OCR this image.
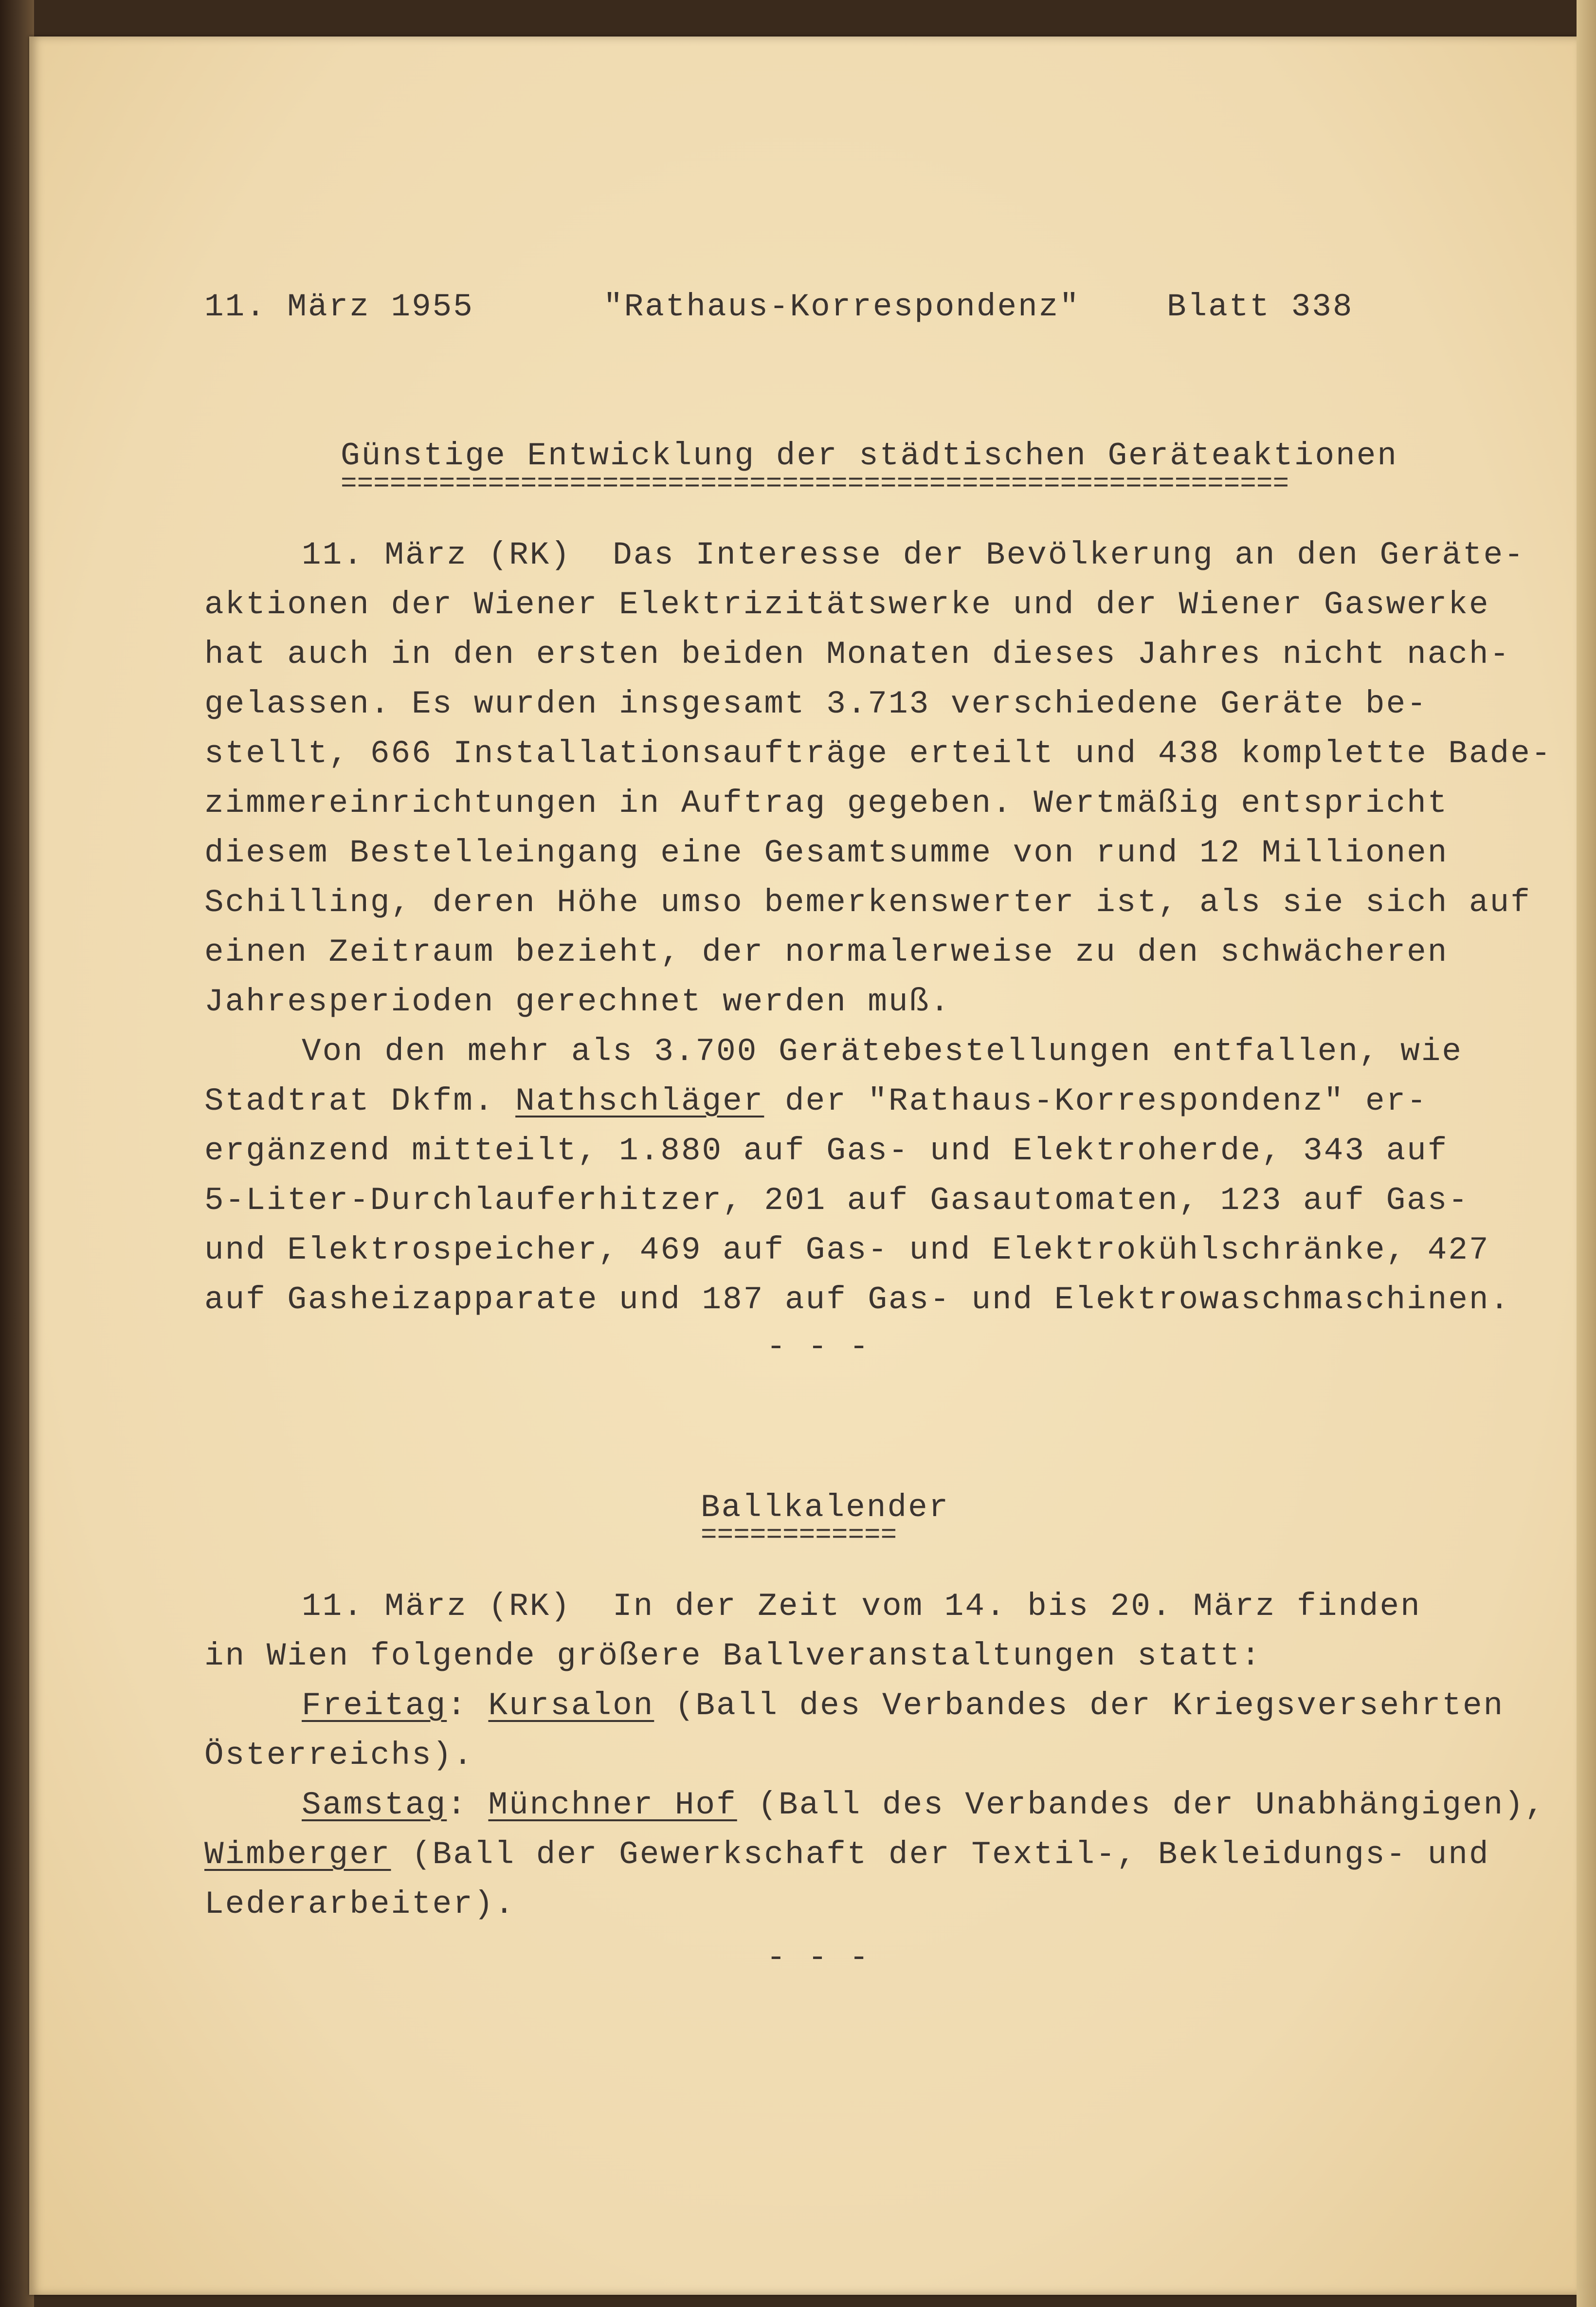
11. März 1955	"Rathaus-Korrespondenz"	Blatt 338
Günstige Entwicklung der städtischen Geräteaktionen
==========================================================
11. März (RK)  Das Interesse der Bevölkerung an den Geräte-
aktionen der Wiener Elektrizitätswerke und der Wiener Gaswerke
hat auch in den ersten beiden Monaten dieses Jahres nicht nach-
gelassen. Es wurden insgesamt 3.713 verschiedene Geräte be-
stellt, 666 Installationsaufträge erteilt und 438 komplette Bade-
zimmereinrichtungen in Auftrag gegeben. Wertmäßig entspricht
diesem Bestelleingang eine Gesamtsumme von rund 12 Millionen
Schilling, deren Höhe umso bemerkenswerter ist, als sie sich auf
einen Zeitraum bezieht, der normalerweise zu den schwächeren
Jahresperioden gerechnet werden muß.
Von den mehr als 3.700 Gerätebestellungen entfallen, wie
Stadtrat Dkfm. Nathschläger der "Rathaus-Korrespondenz" er-
ergänzend mitteilt, 1.880 auf Gas- und Elektroherde, 343 auf
5-Liter-Durchlauferhitzer, 201 auf Gasautomaten, 123 auf Gas-
und Elektrospeicher, 469 auf Gas- und Elektrokühlschränke, 427
auf Gasheizapparate und 187 auf Gas- und Elektrowaschmaschinen.
- - -
Ballkalender
============
11. März (RK)  In der Zeit vom 14. bis 20. März finden
in Wien folgende größere Ballveranstaltungen statt:
Freitag: Kursalon (Ball des Verbandes der Kriegsversehrten
Österreichs).
Samstag: Münchner Hof (Ball des Verbandes der Unabhängigen),
Wimberger (Ball der Gewerkschaft der Textil-, Bekleidungs- und
Lederarbeiter).
- - -
